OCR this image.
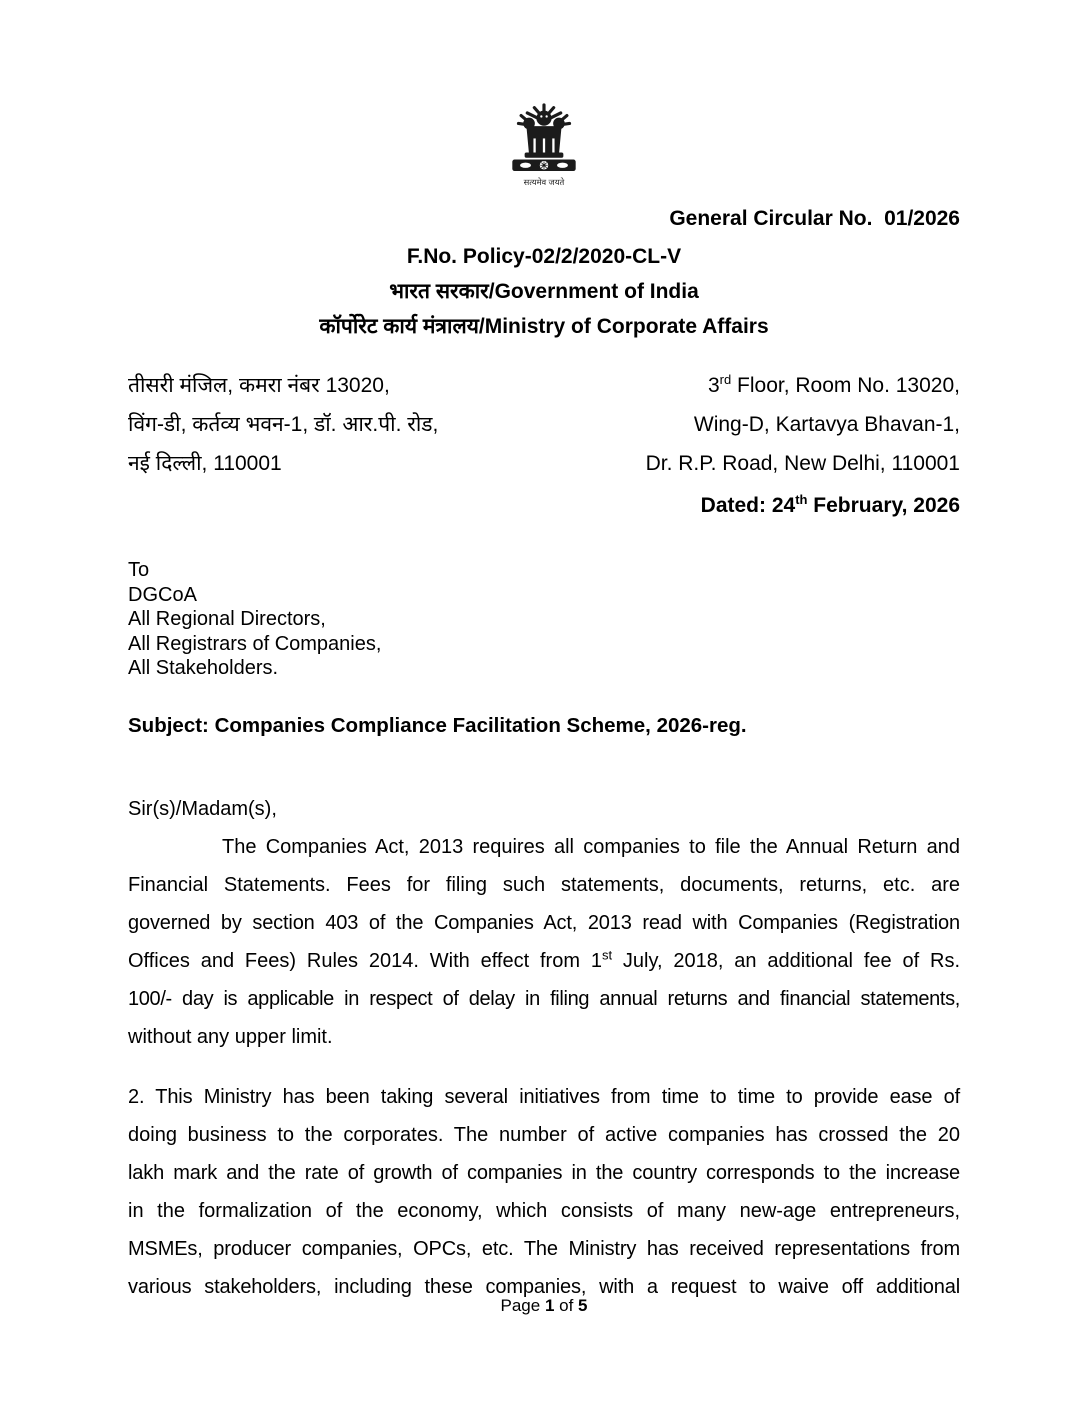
सत्यमेव जयते
General Circular No.  01/2026
F.No. Policy-02/2/2020-CL-V
भारत सरकार/Government of India
कॉर्पोरेट कार्य मंत्रालय/Ministry of Corporate Affairs
तीसरी मंजिल, कमरा नंबर 13020,
विंग-डी, कर्तव्य भवन-1, डॉ. आर.पी. रोड,
नई दिल्ली, 110001
3rd Floor, Room No. 13020,
Wing-D, Kartavya Bhavan-1,
Dr. R.P. Road, New Delhi, 110001
Dated: 24th February, 2026
To
DGCoA
All Regional Directors,
All Registrars of Companies,
All Stakeholders.
Subject: Companies Compliance Facilitation Scheme, 2026-reg.
Sir(s)/Madam(s),
The Companies Act, 2013 requires all companies to file the Annual Return and
Financial Statements. Fees for filing such statements, documents, returns, etc. are
governed by section 403 of the Companies Act, 2013 read with Companies (Registration
Offices and Fees) Rules 2014. With effect from 1st July, 2018, an additional fee of Rs.
100/- day is applicable in respect of delay in filing annual returns and financial statements,
without any upper limit.
2. This Ministry has been taking several initiatives from time to time to provide ease of
doing business to the corporates. The number of active companies has crossed the 20
lakh mark and the rate of growth of companies in the country corresponds to the increase
in the formalization of the economy, which consists of many new-age entrepreneurs,
MSMEs, producer companies, OPCs, etc. The Ministry has received representations from
various stakeholders, including these companies, with a request to waive off additional
Page 1 of 5
